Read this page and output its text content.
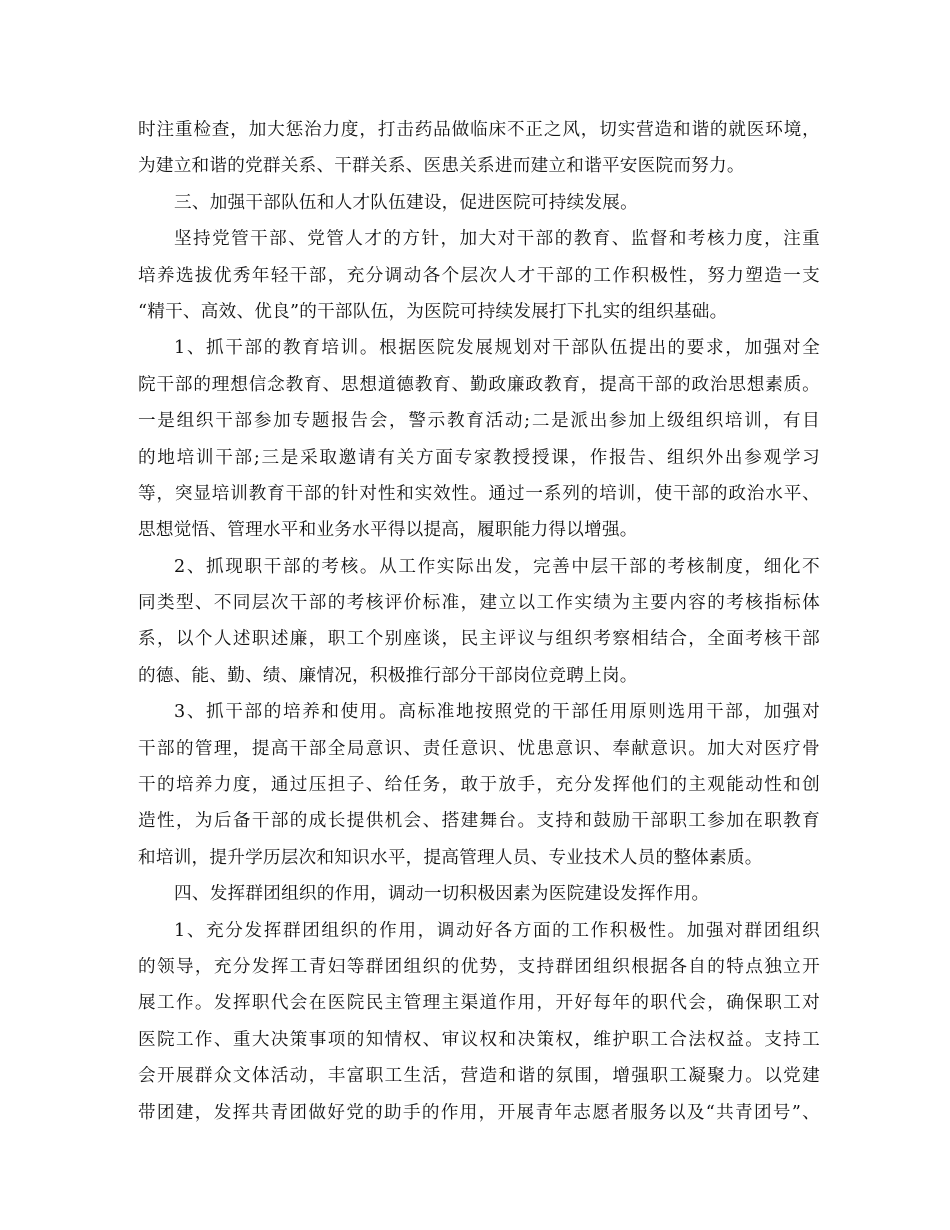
时注重检查，加大惩治力度，打击药品做临床不正之风，切实营造和谐的就医环境，
为建立和谐的党群关系、干群关系、医患关系进而建立和谐平安医院而努力。
三、加强干部队伍和人才队伍建设，促进医院可持续发展。
坚持党管干部、党管人才的方针，加大对干部的教育、监督和考核力度，注重
培养选拔优秀年轻干部，充分调动各个层次人才干部的工作积极性，努力塑造一支
“精干、高效、优良”的干部队伍，为医院可持续发展打下扎实的组织基础。
1、抓干部的教育培训。根据医院发展规划对干部队伍提出的要求，加强对全
院干部的理想信念教育、思想道德教育、勤政廉政教育，提高干部的政治思想素质。
一是组织干部参加专题报告会，警示教育活动;二是派出参加上级组织培训，有目
的地培训干部;三是采取邀请有关方面专家教授授课，作报告、组织外出参观学习
等，突显培训教育干部的针对性和实效性。通过一系列的培训，使干部的政治水平、
思想觉悟、管理水平和业务水平得以提高，履职能力得以增强。
2、抓现职干部的考核。从工作实际出发，完善中层干部的考核制度，细化不
同类型、不同层次干部的考核评价标准，建立以工作实绩为主要内容的考核指标体
系，以个人述职述廉，职工个别座谈，民主评议与组织考察相结合，全面考核干部
的德、能、勤、绩、廉情况，积极推行部分干部岗位竞聘上岗。
3、抓干部的培养和使用。高标准地按照党的干部任用原则选用干部，加强对
干部的管理，提高干部全局意识、责任意识、忧患意识、奉献意识。加大对医疗骨
干的培养力度，通过压担子、给任务，敢于放手，充分发挥他们的主观能动性和创
造性，为后备干部的成长提供机会、搭建舞台。支持和鼓励干部职工参加在职教育
和培训，提升学历层次和知识水平，提高管理人员、专业技术人员的整体素质。
四、发挥群团组织的作用，调动一切积极因素为医院建设发挥作用。
1、充分发挥群团组织的作用，调动好各方面的工作积极性。加强对群团组织
的领导，充分发挥工青妇等群团组织的优势，支持群团组织根据各自的特点独立开
展工作。发挥职代会在医院民主管理主渠道作用，开好每年的职代会，确保职工对
医院工作、重大决策事项的知情权、审议权和决策权，维护职工合法权益。支持工
会开展群众文体活动，丰富职工生活，营造和谐的氛围，增强职工凝聚力。以党建
带团建，发挥共青团做好党的助手的作用，开展青年志愿者服务以及“共青团号”、
